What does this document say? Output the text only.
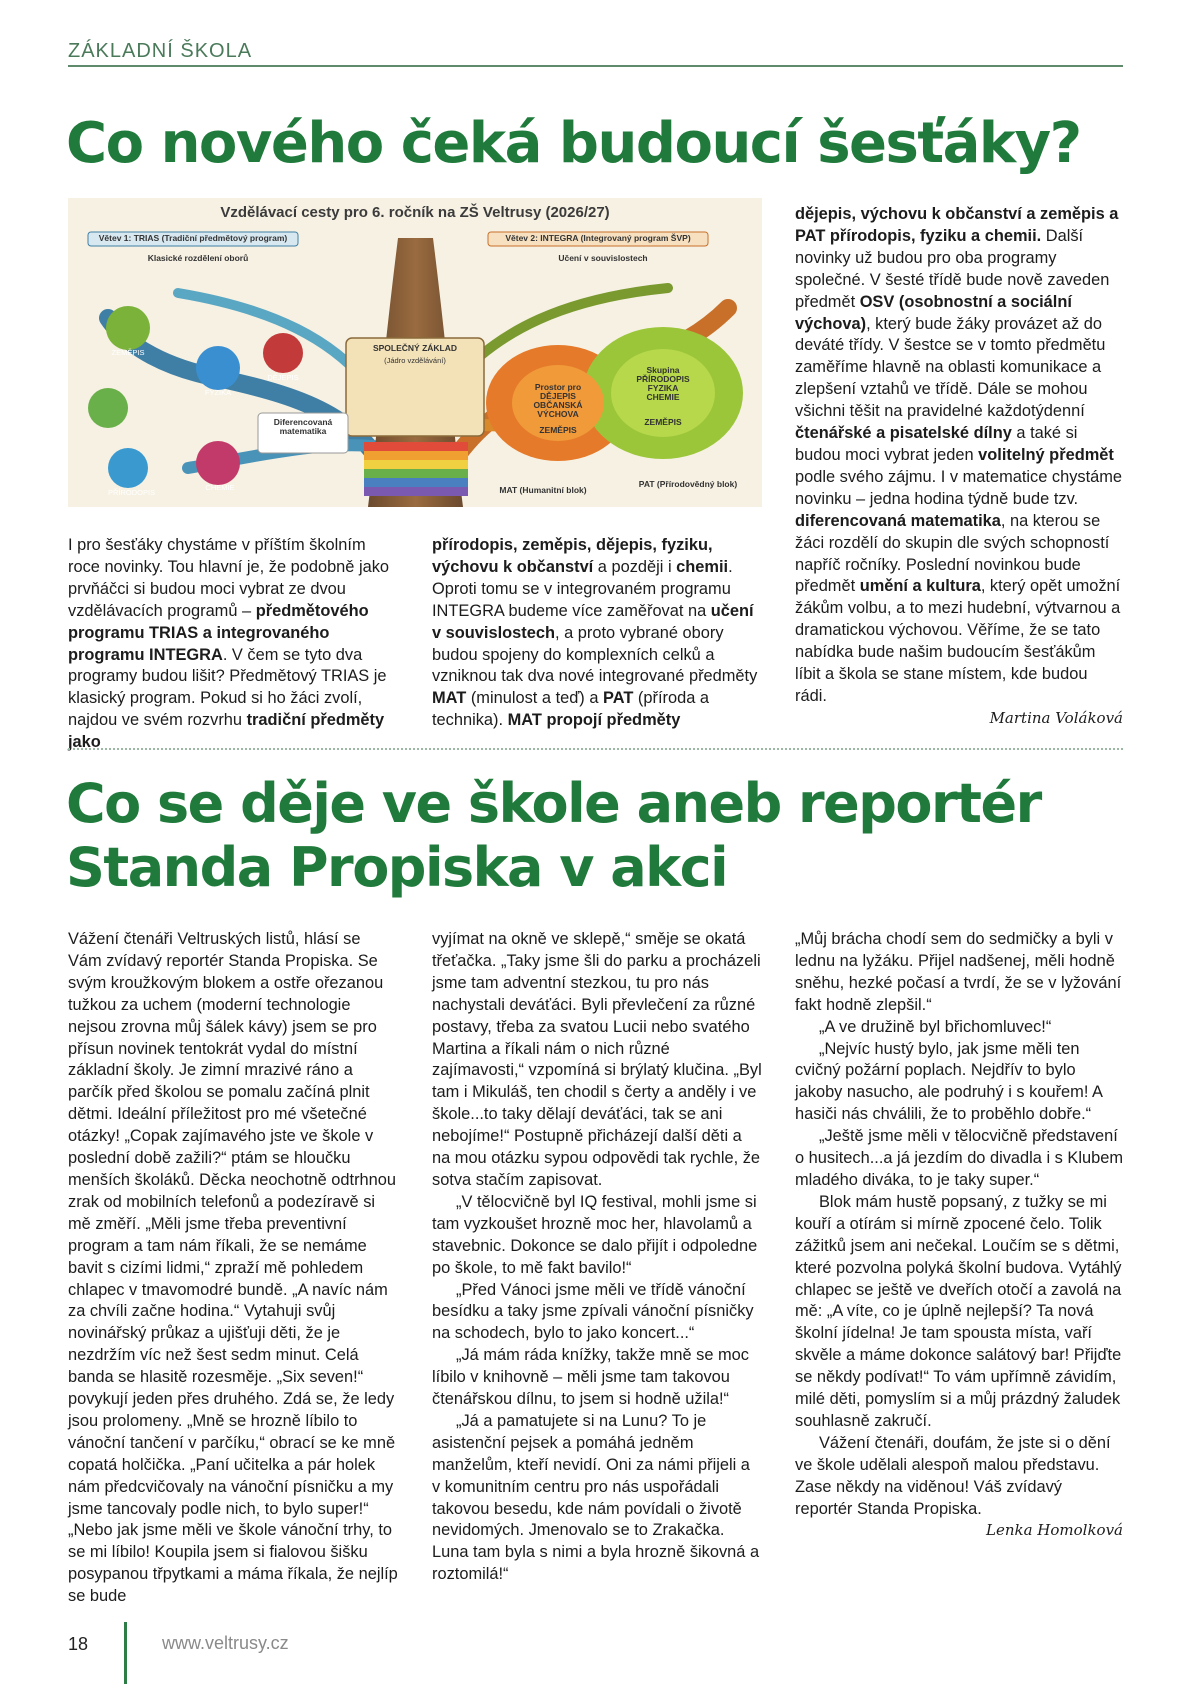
ZÁKLADNÍ ŠKOLA
Co nového čeká budoucí šesťáky?
Vzdělávací cesty pro 6. ročník na ZŠ Veltrusy (2026/27)
Větev 1: TRIAS (Tradiční předmětový program)
Klasické rozdělení oborů
Větev 2: INTEGRA (Integrovaný program ŠVP)
Učení v souvislostech
SPOLEČNÝ ZÁKLAD
(Jádro vzdělávání)
ZEMĚPIS
FYZIKA
DĚJEPIS
PŘÍRODOPIS
CHEMIE
Diferencovaná matematika
Prostor pro DĚJEPIS OBČANSKÁ VÝCHOVA
ZEMĚPIS
Skupina PŘÍRODOPIS FYZIKA CHEMIE
ZEMĚPIS
MAT (Humanitní blok)
PAT (Přírodovědný blok)

I pro šesťáky chystáme v příštím školním roce novinky. Tou hlavní je, že podobně jako prvňáčci si budou moci vybrat ze dvou vzdělávacích programů – předmětového programu TRIAS a integrovaného programu INTEGRA. V čem se tyto dva programy budou lišit? Předmětový TRIAS je klasický program. Pokud si ho žáci zvolí, najdou ve svém rozvrhu tradiční předměty jako

přírodopis, zeměpis, dějepis, fyziku, výchovu k občanství a později i chemii. Oproti tomu se v integrovaném programu INTEGRA budeme více zaměřovat na učení v souvislostech, a proto vybrané obory budou spojeny do komplexních celků a vzniknou tak dva nové integrované předměty MAT (minulost a teď) a PAT (příroda a technika). MAT propojí předměty

dějepis, výchovu k občanství a zeměpis a PAT přírodopis, fyziku a chemii. Další novinky už budou pro oba programy společné. V šesté třídě bude nově zaveden předmět OSV (osobnostní a sociální výchova), který bude žáky provázet až do deváté třídy. V šestce se v tomto předmětu zaměříme hlavně na oblasti komunikace a zlepšení vztahů ve třídě. Dále se mohou všichni těšit na pravidelné každotýdenní čtenářské a pisatelské dílny a také si budou moci vybrat jeden volitelný předmět podle svého zájmu. I v matematice chystáme novinku – jedna hodina týdně bude tzv. diferencovaná matematika, na kterou se žáci rozdělí do skupin dle svých schopností napříč ročníky. Poslední novinkou bude předmět umění a kultura, který opět umožní žákům volbu, a to mezi hudební, výtvarnou a dramatickou výchovou. Věříme, že se tato nabídka bude našim budoucím šesťákům líbit a škola se stane místem, kde budou rádi.

Martina Voláková

Co se děje ve škole aneb reportér
Standa Propiska v akci

Vážení čtenáři Veltruských listů, hlásí se Vám zvídavý reportér Standa Propiska. Se svým kroužkovým blokem a ostře ořezanou tužkou za uchem (moderní technologie nejsou zrovna můj šálek kávy) jsem se pro přísun novinek tentokrát vydal do místní základní školy. Je zimní mrazivé ráno a parčík před školou se pomalu začíná plnit dětmi. Ideální příležitost pro mé všetečné otázky! „Copak zajímavého jste ve škole v poslední době zažili?“ ptám se hloučku menších školáků. Děcka neochotně odtrhnou zrak od mobilních telefonů a podezíravě si mě změří. „Měli jsme třeba preventivní program a tam nám říkali, že se nemáme bavit s cizími lidmi,“ zpraží mě pohledem chlapec v tmavomodré bundě. „A navíc nám za chvíli začne hodina.“ Vytahuji svůj novinářský průkaz a ujišťuji děti, že je nezdržím víc než šest sedm minut. Celá banda se hlasitě rozesměje. „Six seven!“ povykují jeden přes druhého. Zdá se, že ledy jsou prolomeny. „Mně se hrozně líbilo to vánoční tančení v parčíku,“ obrací se ke mně copatá holčička. „Paní učitelka a pár holek nám předcvičovaly na vánoční písničku a my jsme tancovaly podle nich, to bylo super!“ „Nebo jak jsme měli ve škole vánoční trhy, to se mi líbilo! Koupila jsem si fialovou šišku posypanou třpytkami a máma říkala, že nejlíp se bude

vyjímat na okně ve sklepě,“ směje se okatá třeťačka. „Taky jsme šli do parku a procházeli jsme tam adventní stezkou, tu pro nás nachystali deváťáci. Byli převlečení za různé postavy, třeba za svatou Lucii nebo svatého Martina a říkali nám o nich různé zajímavosti,“ vzpomíná si brýlatý klučina. „Byl tam i Mikuláš, ten chodil s čerty a anděly i ve škole...to taky dělají deváťáci, tak se ani nebojíme!“ Postupně přicházejí další děti a na mou otázku sypou odpovědi tak rychle, že sotva stačím zapisovat.

„V tělocvičně byl IQ festival, mohli jsme si tam vyzkoušet hrozně moc her, hlavolamů a stavebnic. Dokonce se dalo přijít i odpoledne po škole, to mě fakt bavilo!“

„Před Vánoci jsme měli ve třídě vánoční besídku a taky jsme zpívali vánoční písničky na schodech, bylo to jako koncert...“

„Já mám ráda knížky, takže mně se moc líbilo v knihovně – měli jsme tam takovou čtenářskou dílnu, to jsem si hodně užila!“

„Já a pamatujete si na Lunu? To je asistenční pejsek a pomáhá jedněm manželům, kteří nevidí. Oni za námi přijeli a v komunitním centru pro nás uspořádali takovou besedu, kde nám povídali o životě nevidomých. Jmenovalo se to Zrakačka. Luna tam byla s nimi a byla hrozně šikovná a roztomilá!“

„Můj brácha chodí sem do sedmičky a byli v lednu na lyžáku. Přijel nadšenej, měli hodně sněhu, hezké počasí a tvrdí, že se v lyžování fakt hodně zlepšil.“

„A ve družině byl břichomluvec!“

„Nejvíc hustý bylo, jak jsme měli ten cvičný požární poplach. Nejdřív to bylo jakoby nasucho, ale podruhý i s kouřem! A hasiči nás chválili, že to proběhlo dobře.“

„Ještě jsme měli v tělocvičně představení o husitech...a já jezdím do divadla i s Klubem mladého diváka, to je taky super.“

Blok mám hustě popsaný, z tužky se mi kouří a otírám si mírně zpocené čelo. Tolik zážitků jsem ani nečekal. Loučím se s dětmi, které pozvolna polyká školní budova. Vytáhlý chlapec se ještě ve dveřích otočí a zavolá na mě: „A víte, co je úplně nejlepší? Ta nová školní jídelna! Je tam spousta místa, vaří skvěle a máme dokonce salátový bar! Přijďte se někdy podívat!“ To vám upřímně závidím, milé děti, pomyslím si a můj prázdný žaludek souhlasně zakručí.

Vážení čtenáři, doufám, že jste si o dění ve škole udělali alespoň malou představu. Zase někdy na viděnou! Váš zvídavý reportér Standa Propiska.

Lenka Homolková

18	www.veltrusy.cz
